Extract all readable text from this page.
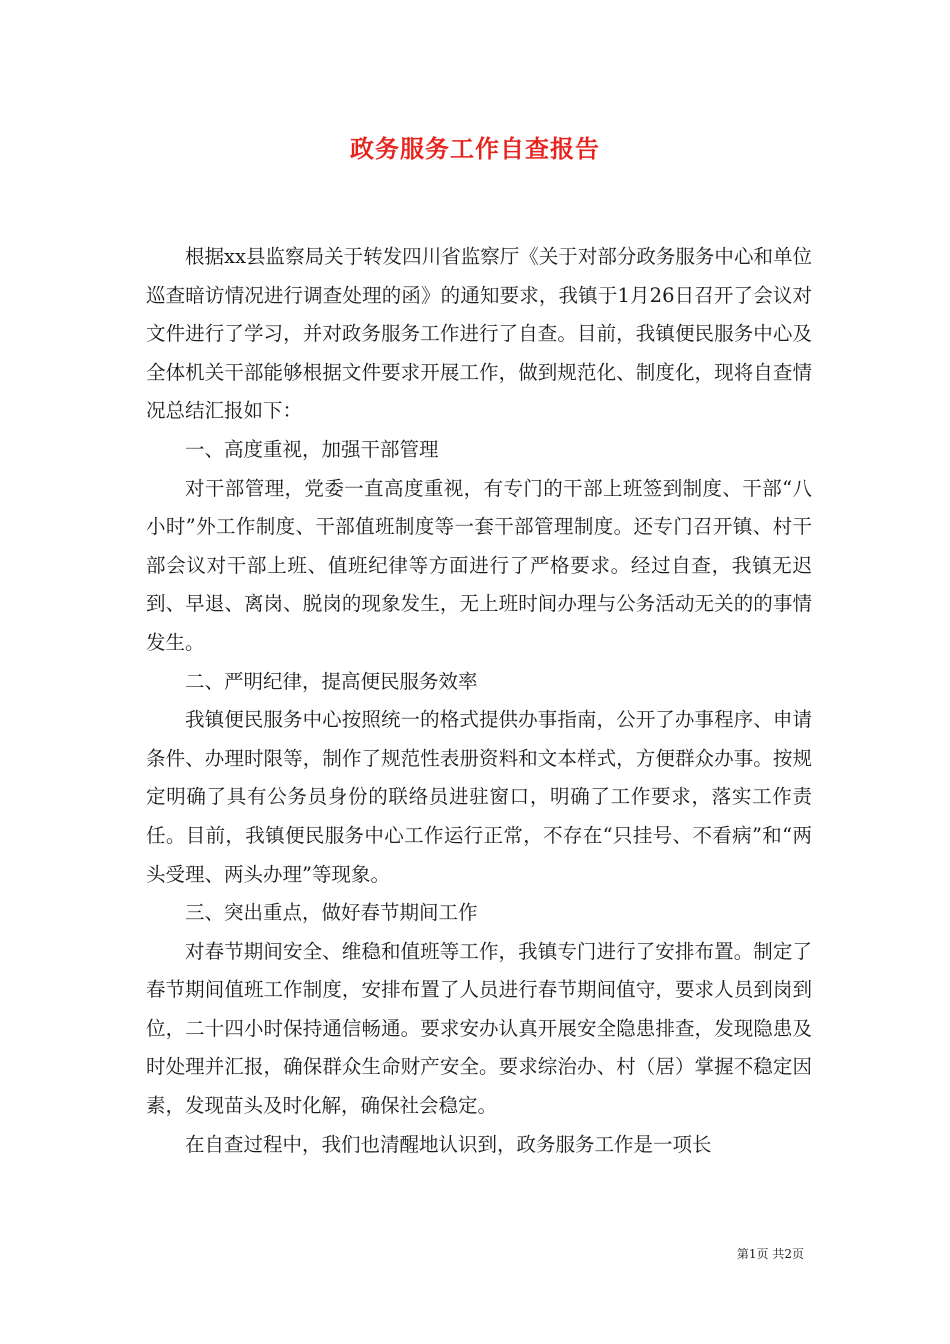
政务服务工作自查报告

根据xx县监察局关于转发四川省监察厅《关于对部分政务服务中心和单位巡查暗访情况进行调查处理的函》的通知要求，我镇于1月26日召开了会议对文件进行了学习，并对政务服务工作进行了自查。目前，我镇便民服务中心及全体机关干部能够根据文件要求开展工作，做到规范化、制度化，现将自查情况总结汇报如下：

一、高度重视，加强干部管理

对干部管理，党委一直高度重视，有专门的干部上班签到制度、干部“八小时”外工作制度、干部值班制度等一套干部管理制度。还专门召开镇、村干部会议对干部上班、值班纪律等方面进行了严格要求。经过自查，我镇无迟到、早退、离岗、脱岗的现象发生，无上班时间办理与公务活动无关的的事情发生。

二、严明纪律，提高便民服务效率

我镇便民服务中心按照统一的格式提供办事指南，公开了办事程序、申请条件、办理时限等，制作了规范性表册资料和文本样式，方便群众办事。按规定明确了具有公务员身份的联络员进驻窗口，明确了工作要求，落实工作责任。目前，我镇便民服务中心工作运行正常，不存在“只挂号、不看病”和“两头受理、两头办理”等现象。

三、突出重点，做好春节期间工作

对春节期间安全、维稳和值班等工作，我镇专门进行了安排布置。制定了春节期间值班工作制度，安排布置了人员进行春节期间值守，要求人员到岗到位，二十四小时保持通信畅通。要求安办认真开展安全隐患排查，发现隐患及时处理并汇报，确保群众生命财产安全。要求综治办、村（居）掌握不稳定因素，发现苗头及时化解，确保社会稳定。

在自查过程中，我们也清醒地认识到，政务服务工作是一项长

第1页 共2页
